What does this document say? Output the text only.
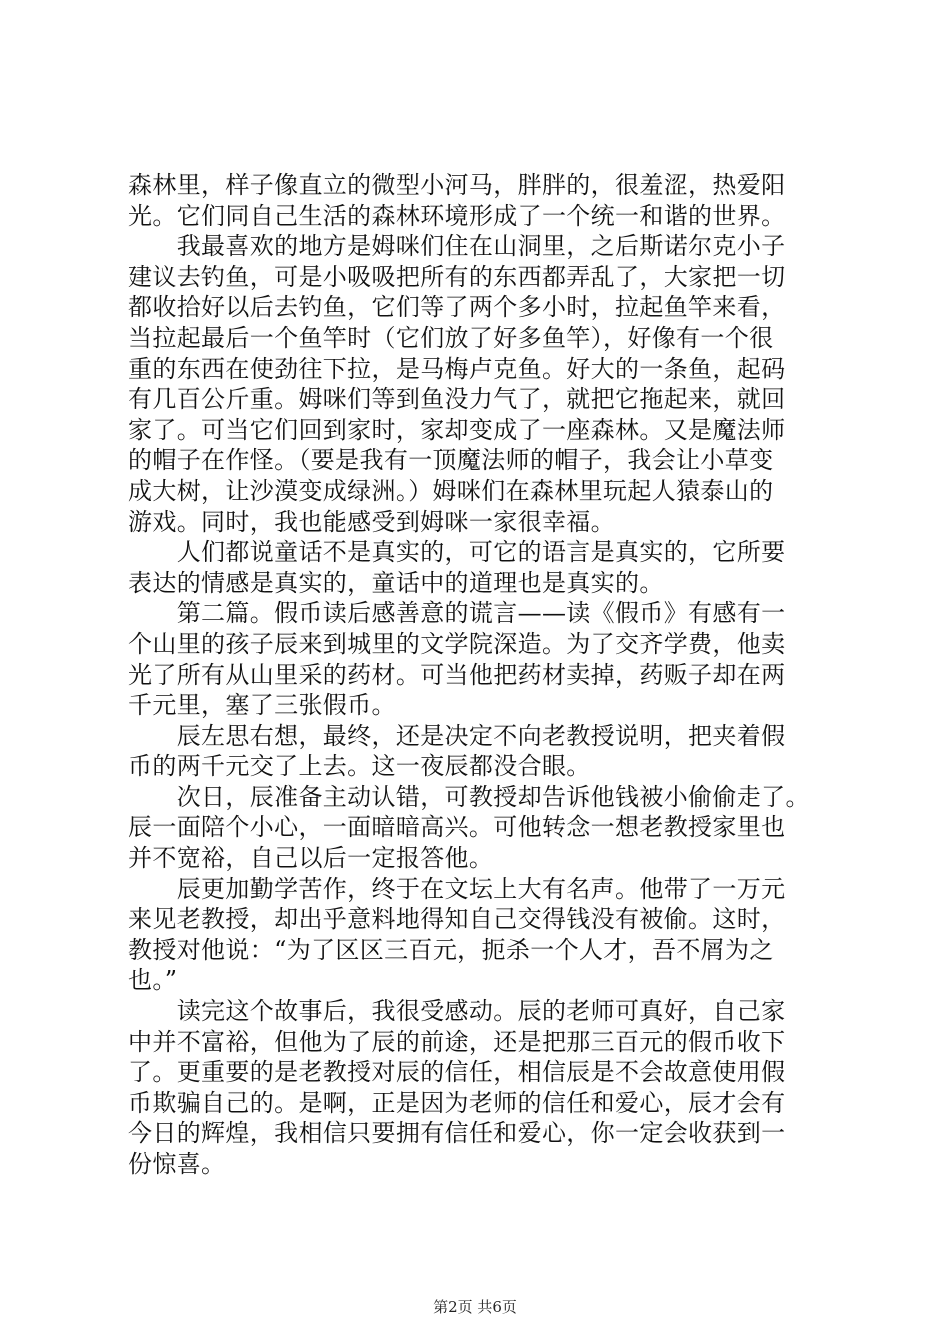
森林里，样子像直立的微型小河马，胖胖的，很羞涩，热爱阳
光。它们同自己生活的森林环境形成了一个统一和谐的世界。
　　我最喜欢的地方是姆咪们住在山洞里，之后斯诺尔克小子
建议去钓鱼，可是小吸吸把所有的东西都弄乱了，大家把一切
都收拾好以后去钓鱼，它们等了两个多小时，拉起鱼竿来看，
当拉起最后一个鱼竿时（它们放了好多鱼竿），好像有一个很
重的东西在使劲往下拉，是马梅卢克鱼。好大的一条鱼，起码
有几百公斤重。姆咪们等到鱼没力气了，就把它拖起来，就回
家了。可当它们回到家时，家却变成了一座森林。又是魔法师
的帽子在作怪。（要是我有一顶魔法师的帽子，我会让小草变
成大树，让沙漠变成绿洲。）姆咪们在森林里玩起人猿泰山的
游戏。同时，我也能感受到姆咪一家很幸福。
　　人们都说童话不是真实的，可它的语言是真实的，它所要
表达的情感是真实的，童话中的道理也是真实的。
　　第二篇。假币读后感善意的谎言——读《假币》有感有一
个山里的孩子辰来到城里的文学院深造。为了交齐学费，他卖
光了所有从山里采的药材。可当他把药材卖掉，药贩子却在两
千元里，塞了三张假币。
　　辰左思右想，最终，还是决定不向老教授说明，把夹着假
币的两千元交了上去。这一夜辰都没合眼。
　　次日，辰准备主动认错，可教授却告诉他钱被小偷偷走了。
辰一面陪个小心，一面暗暗高兴。可他转念一想老教授家里也
并不宽裕，自己以后一定报答他。
　　辰更加勤学苦作，终于在文坛上大有名声。他带了一万元
来见老教授，却出乎意料地得知自己交得钱没有被偷。这时，
教授对他说：“为了区区三百元，扼杀一个人才，吾不屑为之
也。”
　　读完这个故事后，我很受感动。辰的老师可真好，自己家
中并不富裕，但他为了辰的前途，还是把那三百元的假币收下
了。更重要的是老教授对辰的信任，相信辰是不会故意使用假
币欺骗自己的。是啊，正是因为老师的信任和爱心，辰才会有
今日的辉煌，我相信只要拥有信任和爱心，你一定会收获到一
份惊喜。
第2页 共6页
